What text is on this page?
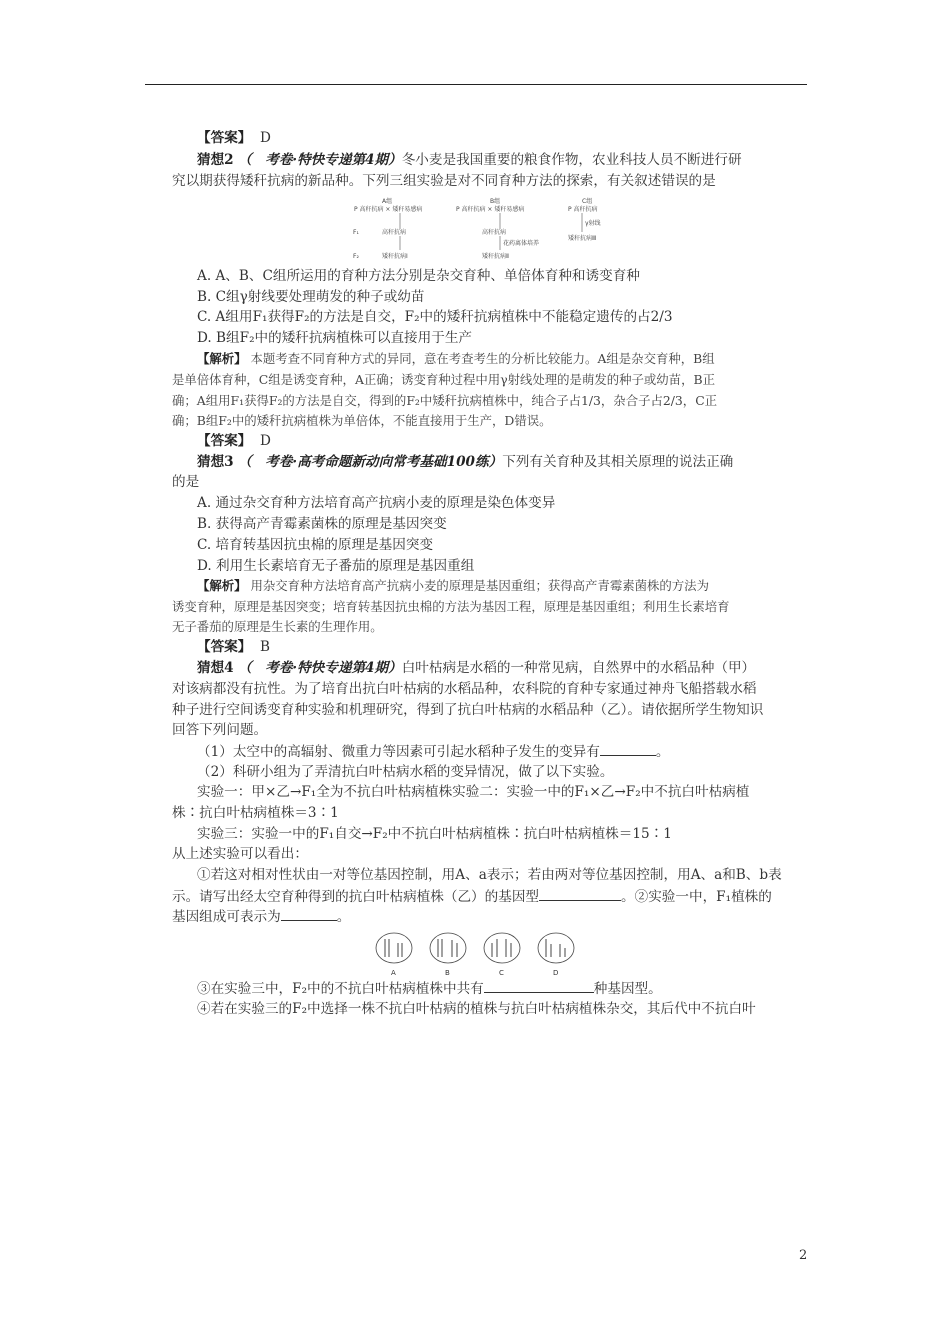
【答案】 D
猜想2 （　考卷·特快专递第4期）冬小麦是我国重要的粮食作物，农业科技人员不断进行研
究以期获得矮秆抗病的新品种。下列三组实验是对不同育种方法的探索，有关叙述错误的是
A组
P 高秆抗病 × 矮秆易感病
F₁	高秆抗病
F₂	矮秆抗病Ⅰ
B组
P 高秆抗病 × 矮秆易感病
高秆抗病
花药离体培养
矮秆抗病Ⅱ
C组
P 高秆抗病
γ射线
矮秆抗病Ⅲ
A. A、B、C组所运用的育种方法分别是杂交育种、单倍体育种和诱变育种
B. C组γ射线要处理萌发的种子或幼苗
C. A组用F₁获得F₂的方法是自交，F₂中的矮秆抗病植株中不能稳定遗传的占2/3
D. B组F₂中的矮秆抗病植株可以直接用于生产
【解析】 本题考查不同育种方式的异同，意在考查考生的分析比较能力。A组是杂交育种，B组
是单倍体育种，C组是诱变育种，A正确；诱变育种过程中用γ射线处理的是萌发的种子或幼苗，B正
确；A组用F₁获得F₂的方法是自交，得到的F₂中矮秆抗病植株中，纯合子占1/3，杂合子占2/3，C正
确；B组F₂中的矮秆抗病植株为单倍体，不能直接用于生产，D错误。
【答案】 D
猜想3 （　考卷·高考命题新动向常考基础100练）下列有关育种及其相关原理的说法正确
的是
A. 通过杂交育种方法培育高产抗病小麦的原理是染色体变异
B. 获得高产青霉素菌株的原理是基因突变
C. 培育转基因抗虫棉的原理是基因突变
D. 利用生长素培育无子番茄的原理是基因重组
【解析】 用杂交育种方法培育高产抗病小麦的原理是基因重组；获得高产青霉素菌株的方法为
诱变育种，原理是基因突变；培育转基因抗虫棉的方法为基因工程，原理是基因重组；利用生长素培育
无子番茄的原理是生长素的生理作用。
【答案】 B
猜想4 （　考卷·特快专递第4期）白叶枯病是水稻的一种常见病，自然界中的水稻品种（甲）
对该病都没有抗性。为了培育出抗白叶枯病的水稻品种，农科院的育种专家通过神舟飞船搭载水稻
种子进行空间诱变育种实验和机理研究，得到了抗白叶枯病的水稻品种（乙）。请依据所学生物知识
回答下列问题。
（1）太空中的高辐射、微重力等因素可引起水稻种子发生的变异有	。
（2）科研小组为了弄清抗白叶枯病水稻的变异情况，做了以下实验。
实验一：甲×乙→F₁全为不抗白叶枯病植株实验二：实验一中的F₁×乙→F₂中不抗白叶枯病植
株∶抗白叶枯病植株＝3∶1
实验三：实验一中的F₁自交→F₂中不抗白叶枯病植株∶抗白叶枯病植株＝15∶1
从上述实验可以看出：
①若这对相对性状由一对等位基因控制，用A、a表示；若由两对等位基因控制，用A、a和B、b表
示。请写出经太空育种得到的抗白叶枯病植株（乙）的基因型	。②实验一中，F₁植株的
基因组成可表示为	。
A	B	C	D
③在实验三中，F₂中的不抗白叶枯病植株中共有	种基因型。
④若在实验三的F₂中选择一株不抗白叶枯病的植株与抗白叶枯病植株杂交，其后代中不抗白叶
2
